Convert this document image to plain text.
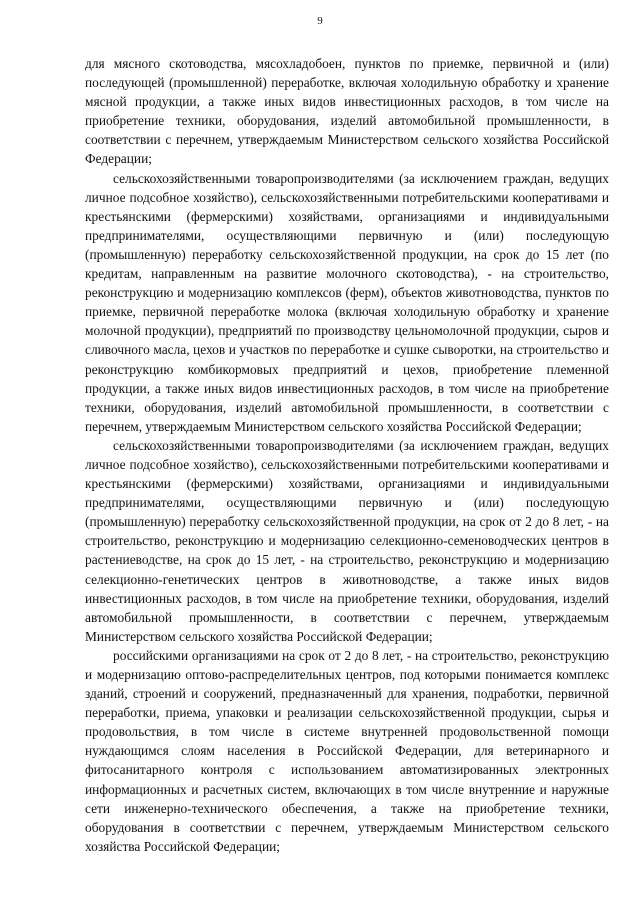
9

для мясного скотоводства, мясохладобоен, пунктов по приемке, первичной и (или) последующей (промышленной) переработке, включая холодильную обработку и хранение мясной продукции, а также иных видов инвестиционных расходов, в том числе на приобретение техники, оборудования, изделий автомобильной промышленности, в соответствии с перечнем, утверждаемым Министерством сельского хозяйства Российской Федерации;

сельскохозяйственными товаропроизводителями (за исключением граждан, ведущих личное подсобное хозяйство), сельскохозяйственными потребительскими кооперативами и крестьянскими (фермерскими) хозяйствами, организациями и индивидуальными предпринимателями, осуществляющими первичную и (или) последующую (промышленную) переработку сельскохозяйственной продукции, на срок до 15 лет (по кредитам, направленным на развитие молочного скотоводства), - на строительство, реконструкцию и модернизацию комплексов (ферм), объектов животноводства, пунктов по приемке, первичной переработке молока (включая холодильную обработку и хранение молочной продукции), предприятий по производству цельномолочной продукции, сыров и сливочного масла, цехов и участков по переработке и сушке сыворотки, на строительство и реконструкцию комбикормовых предприятий и цехов, приобретение племенной продукции, а также иных видов инвестиционных расходов, в том числе на приобретение техники, оборудования, изделий автомобильной промышленности, в соответствии с перечнем, утверждаемым Министерством сельского хозяйства Российской Федерации;

сельскохозяйственными товаропроизводителями (за исключением граждан, ведущих личное подсобное хозяйство), сельскохозяйственными потребительскими кооперативами и крестьянскими (фермерскими) хозяйствами, организациями и индивидуальными предпринимателями, осуществляющими первичную и (или) последующую (промышленную) переработку сельскохозяйственной продукции, на срок от 2 до 8 лет, - на строительство, реконструкцию и модернизацию селекционно-семеноводческих центров в растениеводстве, на срок до 15 лет, - на строительство, реконструкцию и модернизацию селекционно-генетических центров в животноводстве, а также иных видов инвестиционных расходов, в том числе на приобретение техники, оборудования, изделий автомобильной промышленности, в соответствии с перечнем, утверждаемым Министерством сельского хозяйства Российской Федерации;

российскими организациями на срок от 2 до 8 лет, - на строительство, реконструкцию и модернизацию оптово-распределительных центров, под которыми понимается комплекс зданий, строений и сооружений, предназначенный для хранения, подработки, первичной переработки, приема, упаковки и реализации сельскохозяйственной продукции, сырья и продовольствия, в том числе в системе внутренней продовольственной помощи нуждающимся слоям населения в Российской Федерации, для ветеринарного и фитосанитарного контроля с использованием автоматизированных электронных информационных и расчетных систем, включающих в том числе внутренние и наружные сети инженерно-технического обеспечения, а также на приобретение техники, оборудования в соответствии с перечнем, утверждаемым Министерством сельского хозяйства Российской Федерации;
